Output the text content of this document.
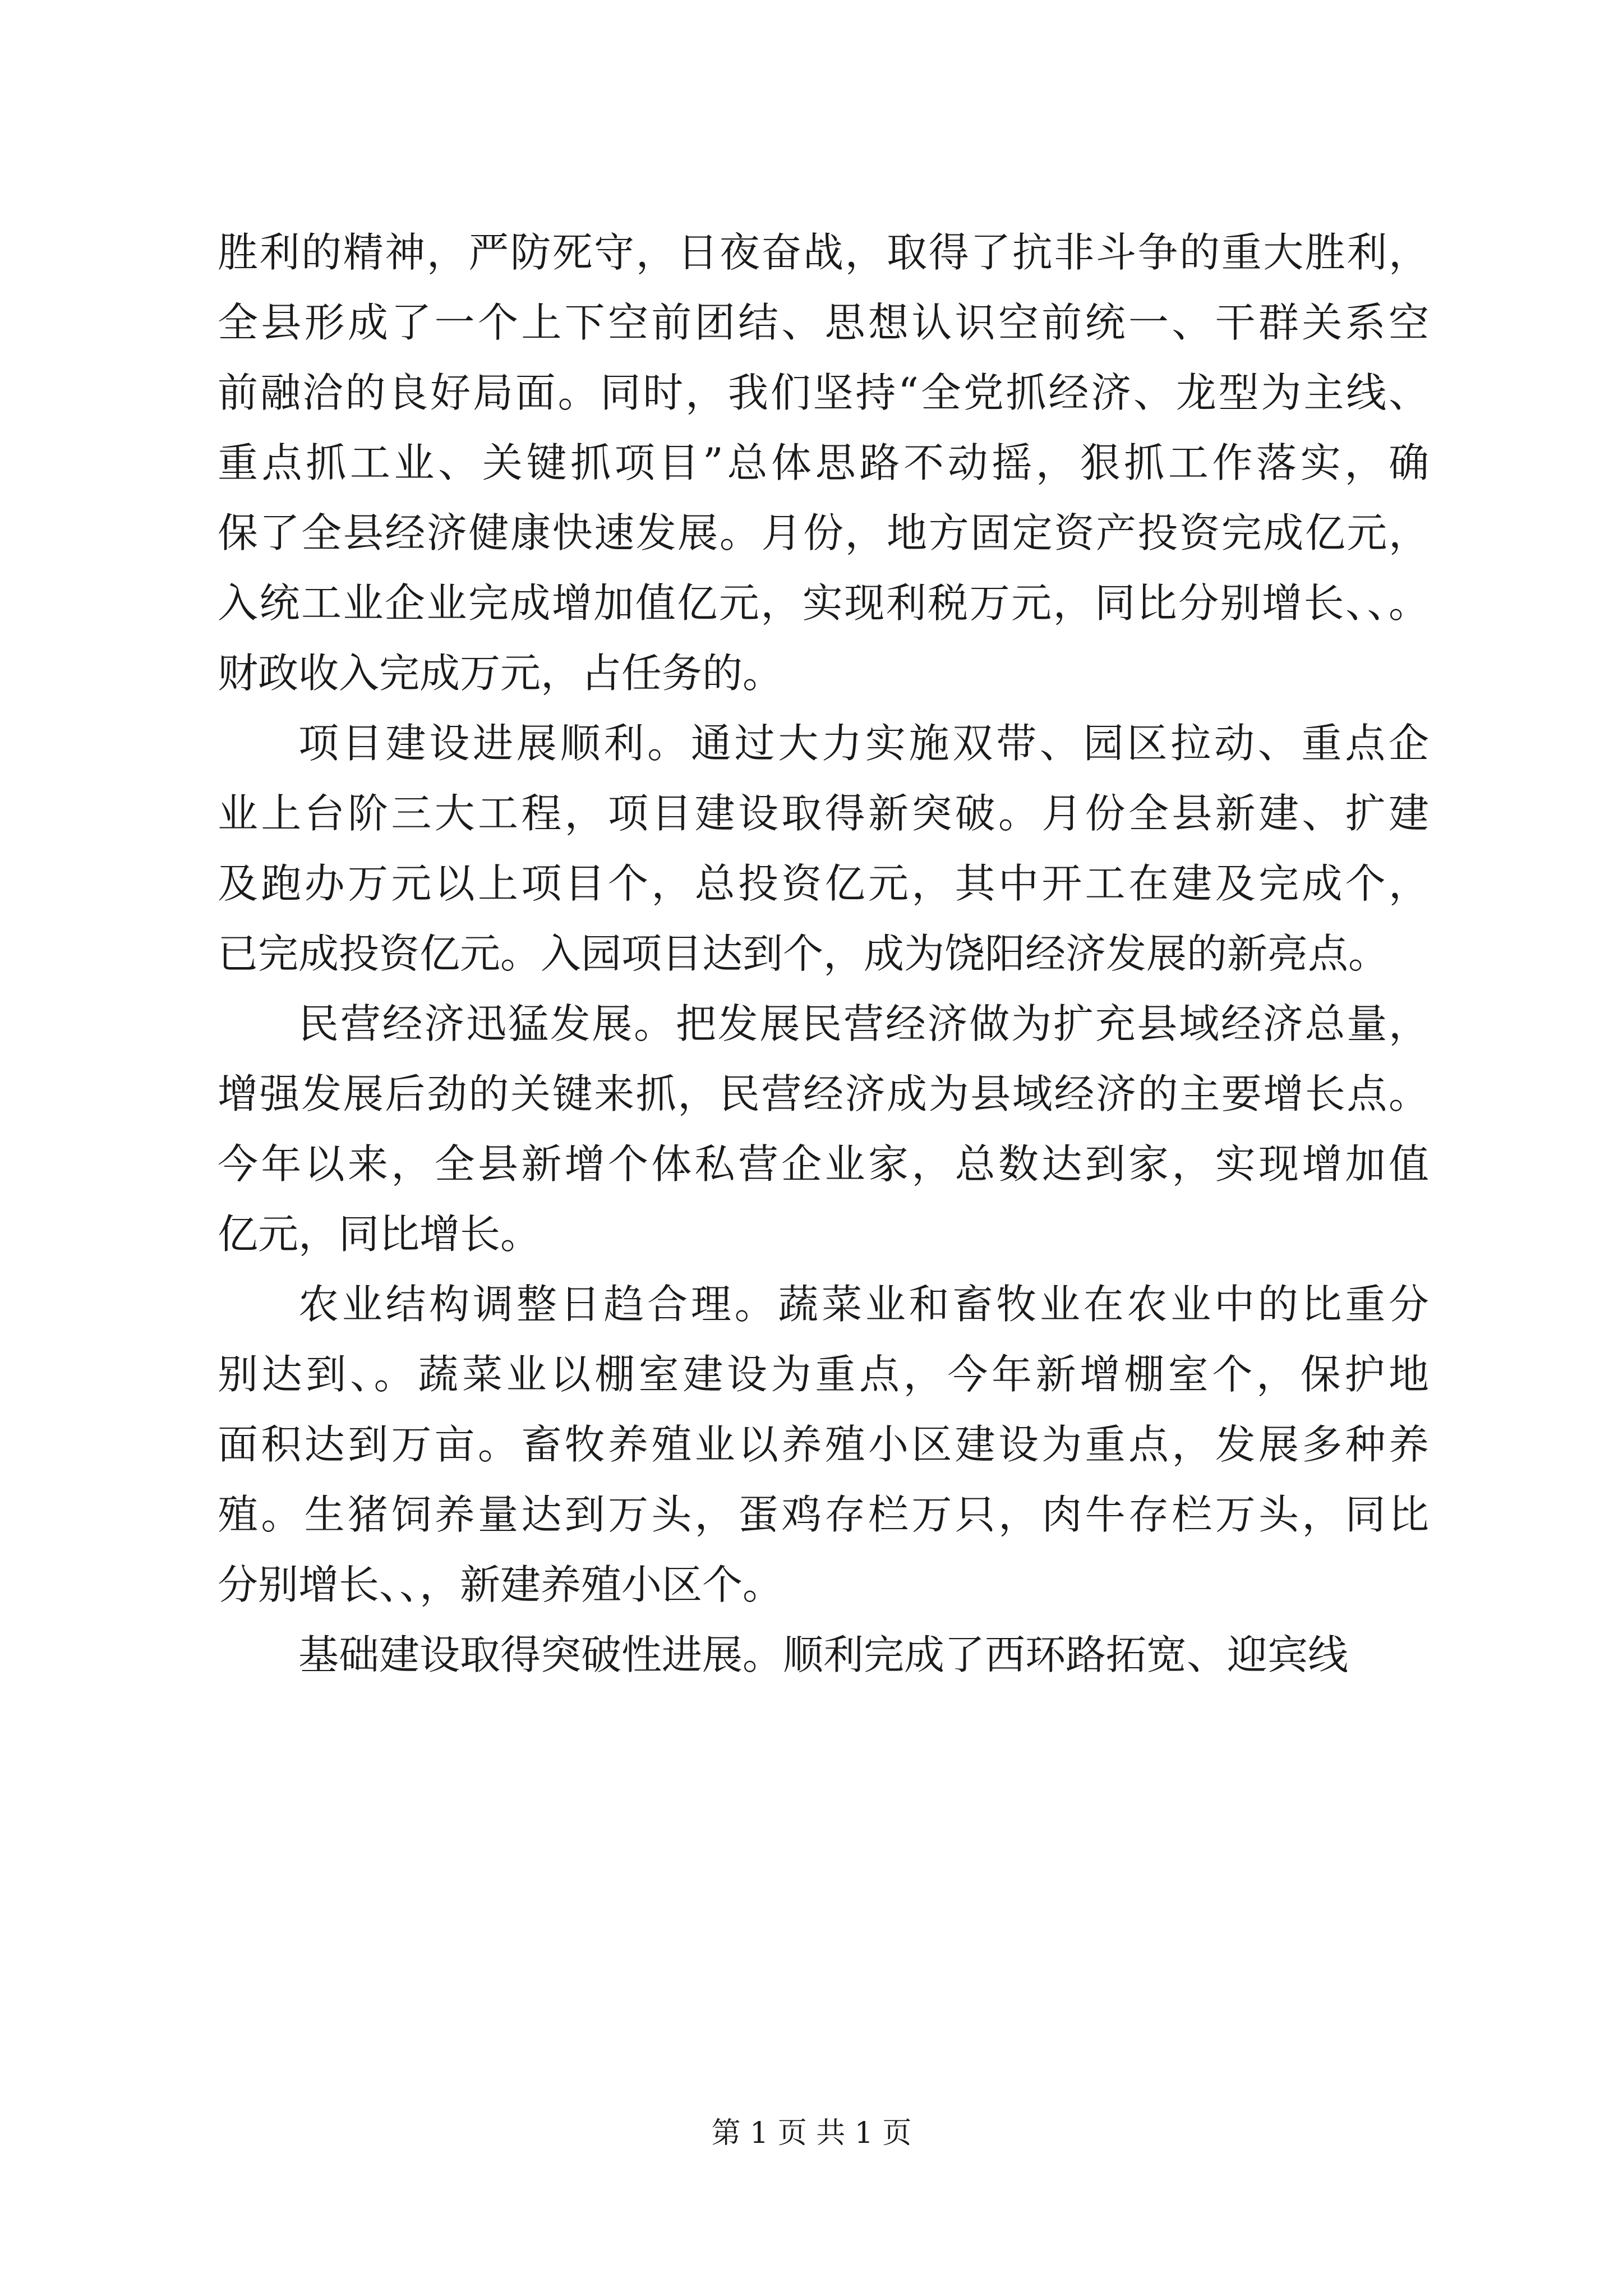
胜利的精神，严防死守，日夜奋战，取得了抗非斗争的重大胜利，
全县形成了一个上下空前团结、思想认识空前统一、干群关系空
前融洽的良好局面。同时，我们坚持“全党抓经济、龙型为主线、
重点抓工业、关键抓项目”总体思路不动摇，狠抓工作落实，确
保了全县经济健康快速发展。月份，地方固定资产投资完成亿元，
入统工业企业完成增加值亿元，实现利税万元，同比分别增长、、。
财政收入完成万元，占任务的。
项目建设进展顺利。通过大力实施双带、园区拉动、重点企
业上台阶三大工程，项目建设取得新突破。月份全县新建、扩建
及跑办万元以上项目个，总投资亿元，其中开工在建及完成个，
已完成投资亿元。入园项目达到个，成为饶阳经济发展的新亮点。
民营经济迅猛发展。把发展民营经济做为扩充县域经济总量，
增强发展后劲的关键来抓，民营经济成为县域经济的主要增长点。
今年以来，全县新增个体私营企业家，总数达到家，实现增加值
亿元，同比增长。
农业结构调整日趋合理。蔬菜业和畜牧业在农业中的比重分
别达到、。蔬菜业以棚室建设为重点，今年新增棚室个，保护地
面积达到万亩。畜牧养殖业以养殖小区建设为重点，发展多种养
殖。生猪饲养量达到万头，蛋鸡存栏万只，肉牛存栏万头，同比
分别增长、、，新建养殖小区个。
基础建设取得突破性进展。顺利完成了西环路拓宽、迎宾线
第 1 页 共 1 页
